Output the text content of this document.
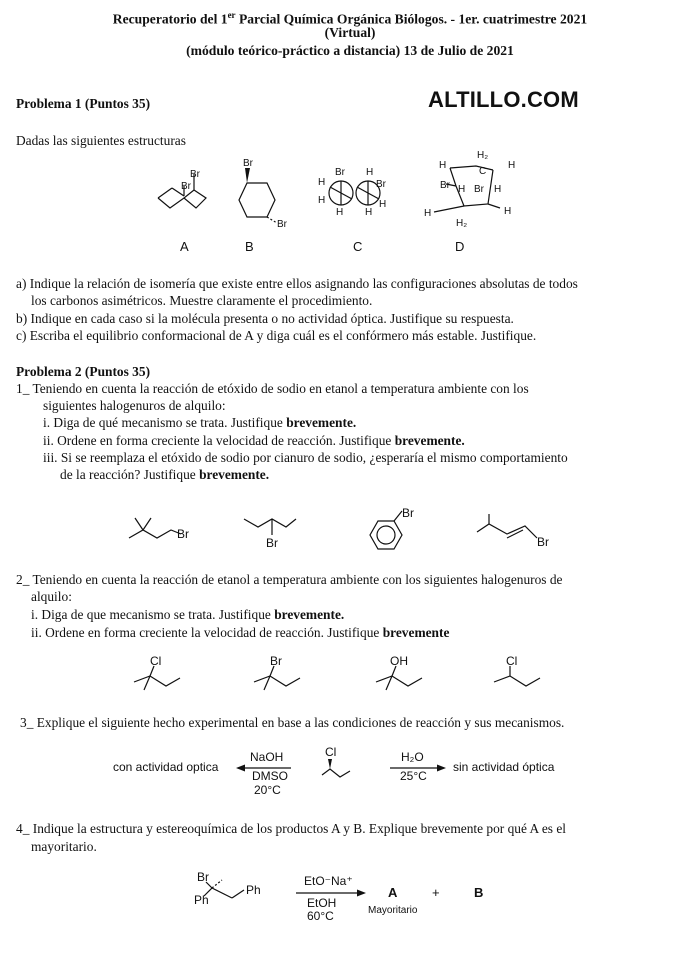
Recuperatorio del 1er Parcial Química Orgánica Biólogos. - 1er. cuatrimestre 2021
(Virtual)
(módulo teórico-práctico a distancia) 13 de Julio de 2021
Problema 1 (Puntos 35)	ALTILLO.COM
Dadas las siguientes estructuras
Br
Br
A
Br
Br
B
Br
Br
H
H
H
H
H
H
C
H₂
H	H
C
Br H Br H
H	H
H₂
D
a) Indique la relación de isomería que existe entre ellos asignando las configuraciones absolutas de todos
los carbonos asimétricos. Muestre claramente el procedimiento.
b) Indique en cada caso si la molécula presenta o no actividad óptica. Justifique su respuesta.
c) Escriba el equilibrio conformacional de A y diga cuál es el confórmero más estable. Justifique.
Problema 2 (Puntos 35)
1_ Teniendo en cuenta la reacción de etóxido de sodio en etanol a temperatura ambiente con los
siguientes halogenuros de alquilo:
i. Diga de qué mecanismo se trata. Justifique brevemente.
ii. Ordene en forma creciente la velocidad de reacción. Justifique brevemente.
iii. Si se reemplaza el etóxido de sodio por cianuro de sodio, ¿esperaría el mismo comportamiento
de la reacción? Justifique brevemente.
Br
Br
Br
Br
2_ Teniendo en cuenta la reacción de etanol a temperatura ambiente con los siguientes halogenuros de
alquilo:
i. Diga de que mecanismo se trata. Justifique brevemente.
ii. Ordene en forma creciente la velocidad de reacción. Justifique brevemente
Cl	Br	OH	Cl
3_ Explique el siguiente hecho experimental en base a las condiciones de reacción y sus mecanismos.
con actividad optica
NaOH
DMSO
20°C
Cl	H₂O
25°C
sin actividad óptica
4_ Indique la estructura y estereoquímica de los productos A y B. Explique brevemente por qué A es el
mayoritario.
Br
Ph
Ph
EtO⁻Na⁺
EtOH
60°C
A
Mayoritario
+	B
